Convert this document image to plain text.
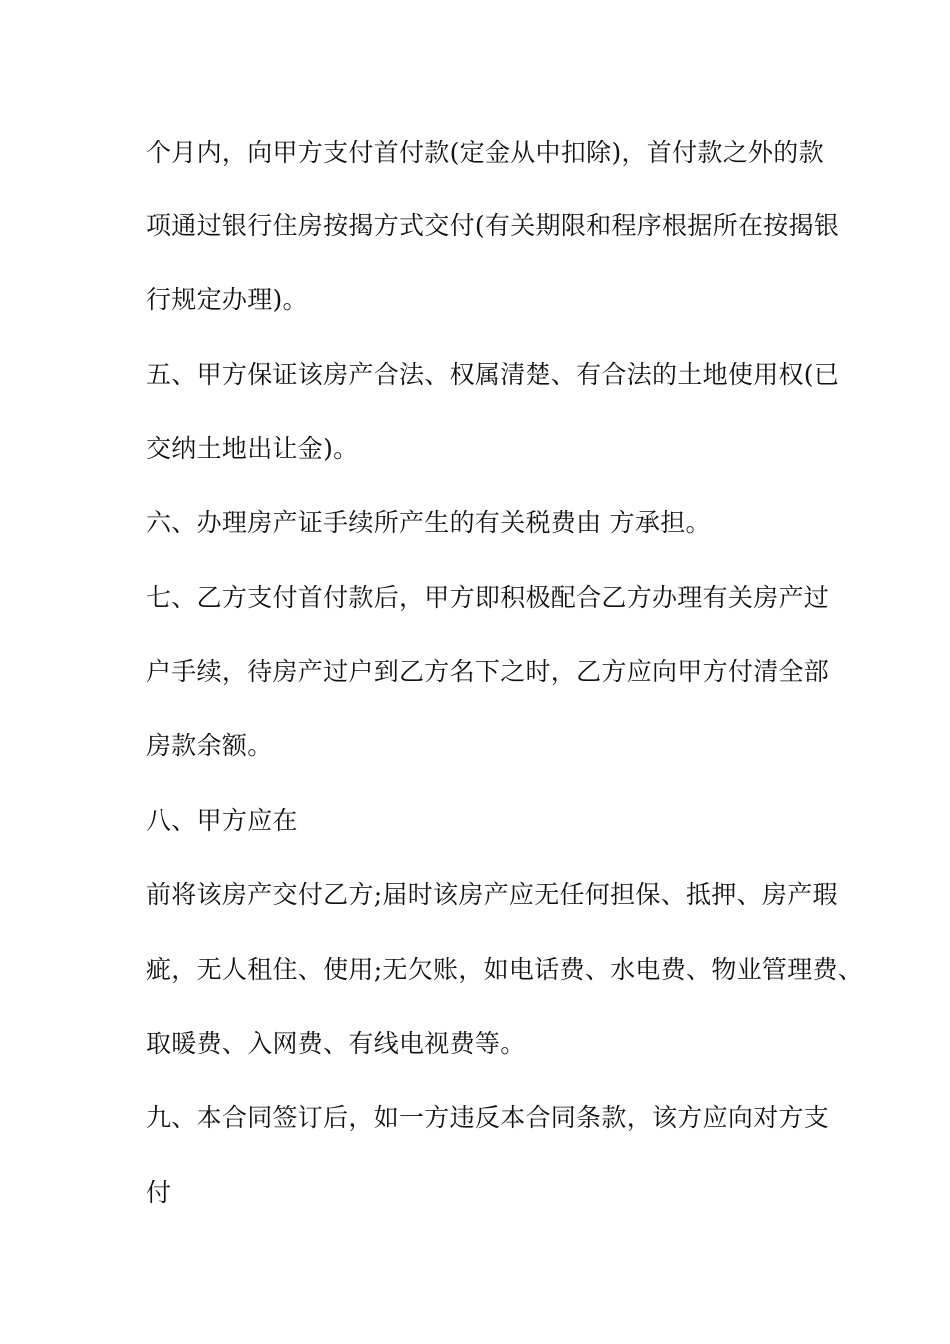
个月内，向甲方支付首付款(定金从中扣除)，首付款之外的款
项通过银行住房按揭方式交付(有关期限和程序根据所在按揭银
行规定办理)。
五、甲方保证该房产合法、权属清楚、有合法的土地使用权(已
交纳土地出让金)。
六、办理房产证手续所产生的有关税费由 方承担。
七、乙方支付首付款后，甲方即积极配合乙方办理有关房产过
户手续，待房产过户到乙方名下之时，乙方应向甲方付清全部
房款余额。
八、甲方应在
前将该房产交付乙方;届时该房产应无任何担保、抵押、房产瑕
疵，无人租住、使用;无欠账，如电话费、水电费、物业管理费、
取暖费、入网费、有线电视费等。
九、本合同签订后，如一方违反本合同条款，该方应向对方支
付
